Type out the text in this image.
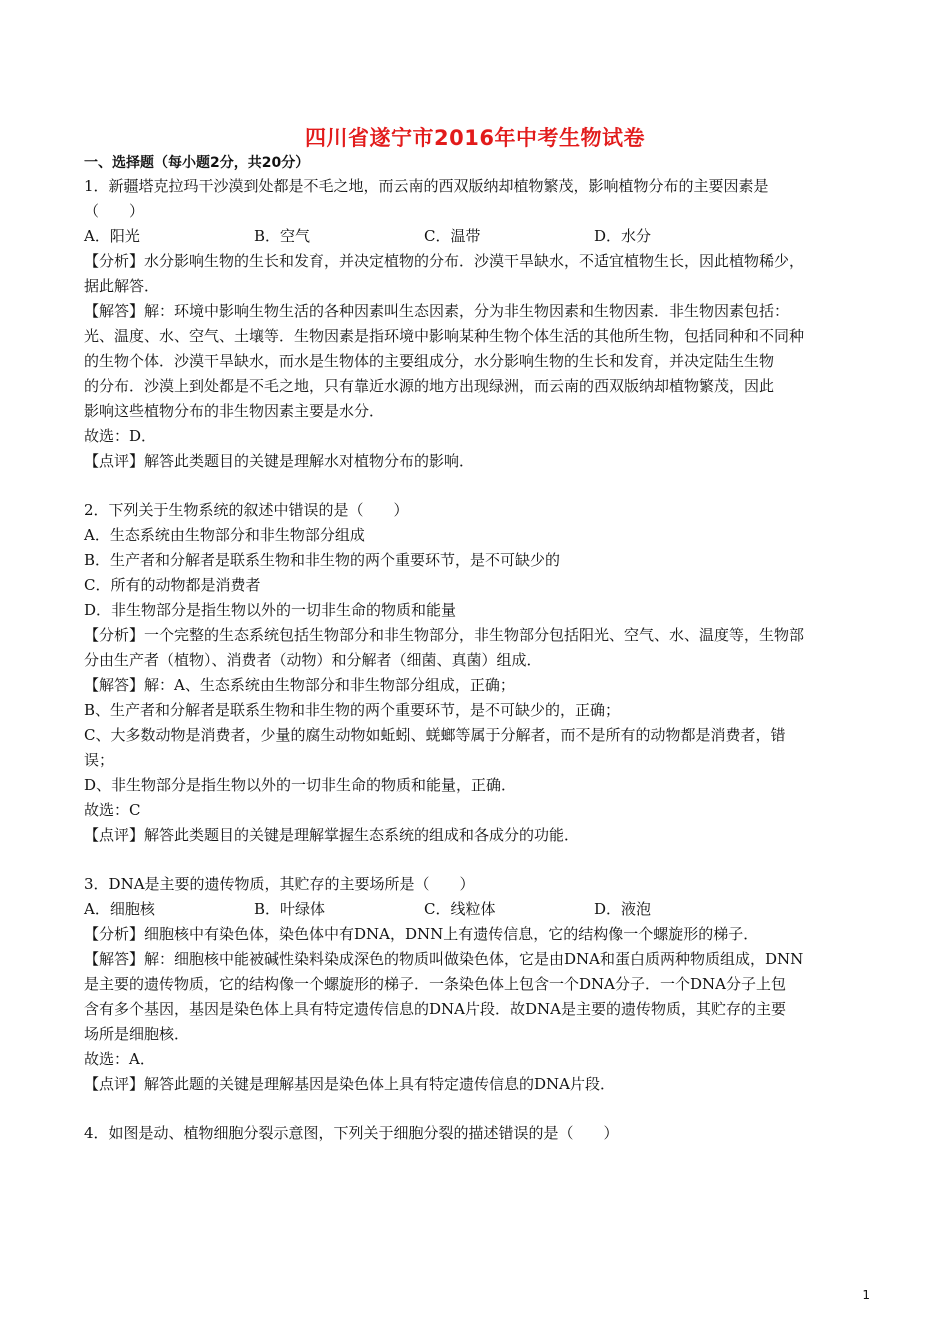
四川省遂宁市2016年中考生物试卷
一、选择题（每小题2分，共20分）

1．新疆塔克拉玛干沙漠到处都是不毛之地，而云南的西双版纳却植物繁茂，影响植物分布的主要因素是

（　　）

A．阳光	B．空气	C．温带	D．水分

【分析】水分影响生物的生长和发育，并决定植物的分布．沙漠干旱缺水，不适宜植物生长，因此植物稀少，

据此解答．

【解答】解：环境中影响生物生活的各种因素叫生态因素，分为非生物因素和生物因素．非生物因素包括：

光、温度、水、空气、土壤等．生物因素是指环境中影响某种生物个体生活的其他所生物，包括同种和不同种

的生物个体．沙漠干旱缺水，而水是生物体的主要组成分，水分影响生物的生长和发育，并决定陆生生物

的分布．沙漠上到处都是不毛之地，只有靠近水源的地方出现绿洲，而云南的西双版纳却植物繁茂，因此

影响这些植物分布的非生物因素主要是水分．

故选：D．

【点评】解答此类题目的关键是理解水对植物分布的影响．

2．下列关于生物系统的叙述中错误的是（　　）

A．生态系统由生物部分和非生物部分组成

B．生产者和分解者是联系生物和非生物的两个重要环节，是不可缺少的

C．所有的动物都是消费者

D．非生物部分是指生物以外的一切非生命的物质和能量

【分析】一个完整的生态系统包括生物部分和非生物部分，非生物部分包括阳光、空气、水、温度等，生物部

分由生产者（植物）、消费者（动物）和分解者（细菌、真菌）组成．

【解答】解：A、生态系统由生物部分和非生物部分组成，正确；

B、生产者和分解者是联系生物和非生物的两个重要环节，是不可缺少的，正确；

C、大多数动物是消费者，少量的腐生动物如蚯蚓、蜣螂等属于分解者，而不是所有的动物都是消费者，错

误；

D、非生物部分是指生物以外的一切非生命的物质和能量，正确．

故选：C

【点评】解答此类题目的关键是理解掌握生态系统的组成和各成分的功能．

3．DNA是主要的遗传物质，其贮存的主要场所是（　　）

A．细胞核	B．叶绿体	C．线粒体	D．液泡

【分析】细胞核中有染色体，染色体中有DNA，DNN上有遗传信息，它的结构像一个螺旋形的梯子．

【解答】解：细胞核中能被碱性染料染成深色的物质叫做染色体，它是由DNA和蛋白质两种物质组成，DNN

是主要的遗传物质，它的结构像一个螺旋形的梯子．一条染色体上包含一个DNA分子．一个DNA分子上包

含有多个基因，基因是染色体上具有特定遗传信息的DNA片段．故DNA是主要的遗传物质，其贮存的主要

场所是细胞核．

故选：A．

【点评】解答此题的关键是理解基因是染色体上具有特定遗传信息的DNA片段．

4．如图是动、植物细胞分裂示意图，下列关于细胞分裂的描述错误的是（　　）

1
